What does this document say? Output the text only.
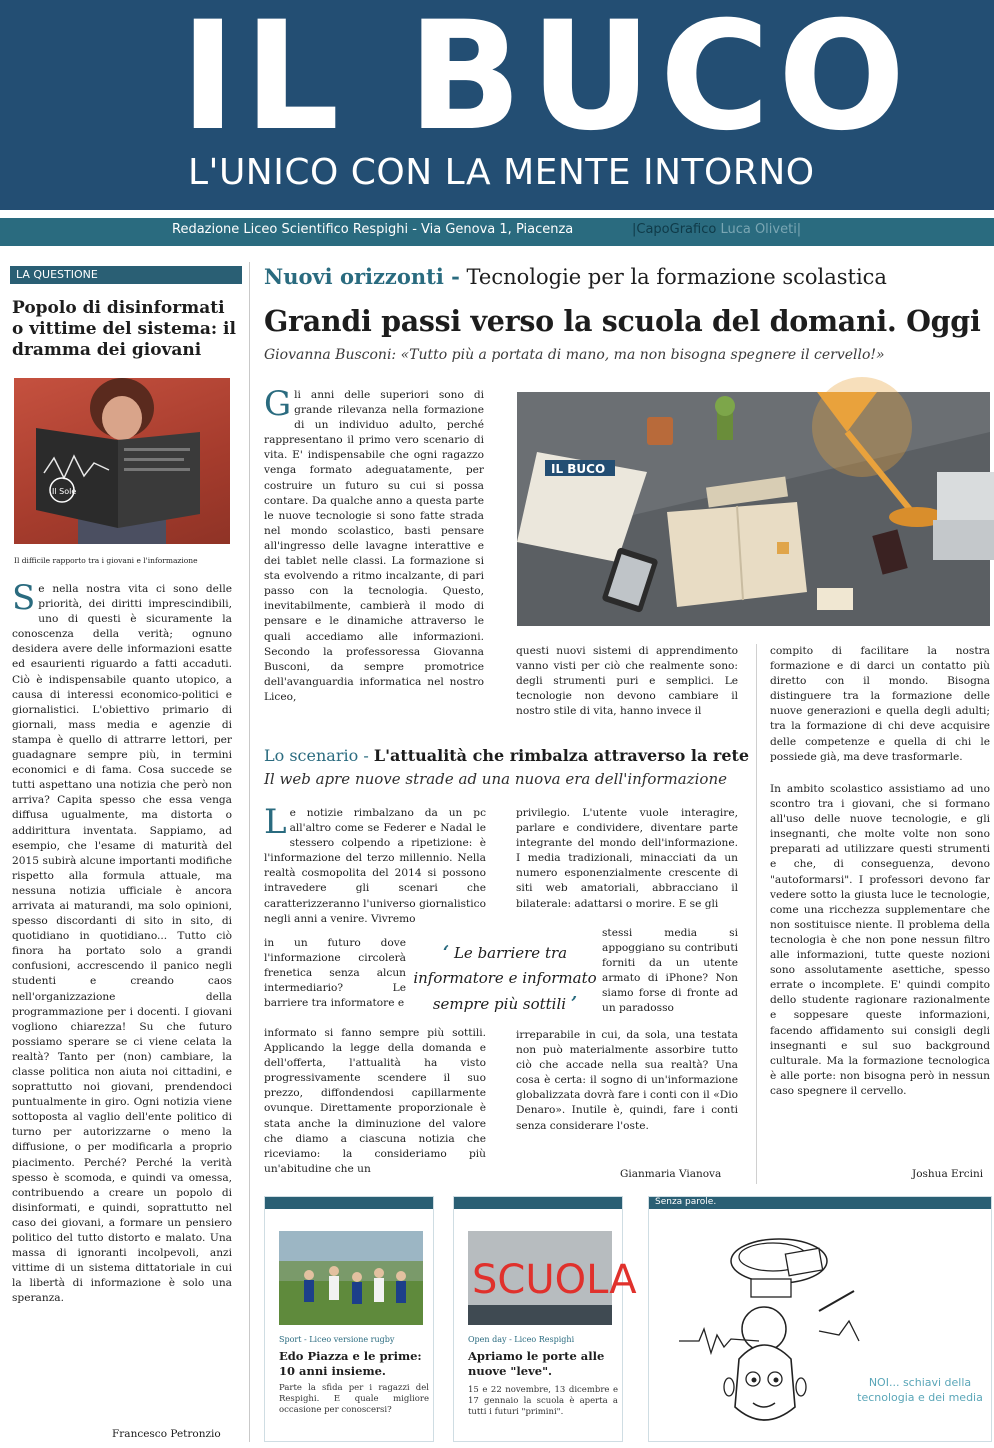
IL BUCO
L'UNICO CON LA MENTE INTORNO
Redazione Liceo Scientifico Respighi - Via Genova 1, Piacenza	|CapoGrafico Luca Oliveti|
LA QUESTIONE
Popolo di disinformati o vittime del sistema: il dramma dei giovani
Il Sole
Il difficile rapporto tra i giovani e l'informazione
Se nella nostra vita ci sono delle priorità, dei diritti imprescindibili, uno di questi è sicuramente la conoscenza della verità; ognuno desidera avere delle informazioni esatte ed esaurienti riguardo a fatti accaduti. Ciò è indispensabile quanto utopico, a causa di interessi economico-politici e giornalistici. L'obiettivo primario di giornali, mass media e agenzie di stampa è quello di attrarre lettori, per guadagnare sempre più, in termini economici e di fama. Cosa succede se tutti aspettano una notizia che però non arriva? Capita spesso che essa venga diffusa ugualmente, ma distorta o addirittura inventata. Sappiamo, ad esempio, che l'esame di maturità del 2015 subirà alcune importanti modifiche rispetto alla formula attuale, ma nessuna notizia ufficiale è ancora arrivata ai maturandi, ma solo opinioni, spesso discordanti di sito in sito, di quotidiano in quotidiano... Tutto ciò finora ha portato solo a grandi confusioni, accrescendo il panico negli studenti e creando caos nell'organizzazione della programmazione per i docenti. I giovani vogliono chiarezza! Su che futuro possiamo sperare se ci viene celata la realtà? Tanto per (non) cambiare, la classe politica non aiuta noi cittadini, e soprattutto noi giovani, prendendoci puntualmente in giro. Ogni notizia viene sottoposta al vaglio dell'ente politico di turno per autorizzarne o meno la diffusione, o per modificarla a proprio piacimento. Perché? Perché la verità spesso è scomoda, e quindi va omessa, contribuendo a creare un popolo di disinformati, e quindi, soprattutto nel caso dei giovani, a formare un pensiero politico del tutto distorto e malato. Una massa di ignoranti incolpevoli, anzi vittime di un sistema dittatoriale in cui la libertà di informazione è solo una speranza.
Francesco Petronzio
Nuovi orizzonti - Tecnologie per la formazione scolastica
Grandi passi verso la scuola del domani. Oggi
Giovanna Busconi: «Tutto più a portata di mano, ma non bisogna spegnere il cervello!»
Gli anni delle superiori sono di grande rilevanza nella formazione di un individuo adulto, perché rappresentano il primo vero scenario di vita. E' indispensabile che ogni ragazzo venga formato adeguatamente, per costruire un futuro su cui si possa contare. Da qualche anno a questa parte le nuove tecnologie si sono fatte strada nel mondo scolastico, basti pensare all'ingresso delle lavagne interattive e dei tablet nelle classi. La formazione si sta evolvendo a ritmo incalzante, di pari passo con la tecnologia. Questo, inevitabilmente, cambierà il modo di pensare e le dinamiche attraverso le quali accediamo alle informazioni. Secondo la professoressa Giovanna Busconi, da sempre promotrice dell'avanguardia informatica nel nostro Liceo,
IL BUCO
questi nuovi sistemi di apprendimento vanno visti per ciò che realmente sono: degli strumenti puri e semplici. Le tecnologie non devono cambiare il nostro stile di vita, hanno invece il
compito di facilitare la nostra formazione e di darci un contatto più diretto con il mondo. Bisogna distinguere tra la formazione delle nuove generazioni e quella degli adulti; tra la formazione di chi deve acquisire delle competenze e quella di chi le possiede già, ma deve trasformarle.
Lo scenario - L'attualità che rimbalza attraverso la rete
Il web apre nuove strade ad una nuova era dell'informazione
Le notizie rimbalzano da un pc all'altro come se Federer e Nadal le stessero colpendo a ripetizione: è l'informazione del terzo millennio. Nella realtà cosmopolita del 2014 si possono intravedere gli scenari che caratterizzeranno l'universo giornalistico negli anni a venire. Vivremo
in un futuro dove l'informazione circolerà frenetica senza alcun intermediario? Le barriere tra informatore e
informato si fanno sempre più sottili. Applicando la legge della domanda e dell'offerta, l'attualità ha visto progressivamente scendere il suo prezzo, diffondendosi capillarmente ovunque. Direttamente proporzionale è stata anche la diminuzione del valore che diamo a ciascuna notizia che riceviamo: la consideriamo più un'abitudine che un
‘ Le barriere tra informatore e informato sempre più sottili ’
privilegio. L'utente vuole interagire, parlare e condividere, diventare parte integrante del mondo dell'informazione. I media tradizionali, minacciati da un numero esponenzialmente crescente di siti web amatoriali, abbracciano il bilaterale: adattarsi o morire. E se gli
stessi media si appoggiano su contributi forniti da un utente armato di iPhone? Non siamo forse di fronte ad un paradosso
irreparabile in cui, da sola, una testata non può materialmente assorbire tutto ciò che accade nella sua realtà? Una cosa è certa: il sogno di un'informazione globalizzata dovrà fare i conti con il «Dio Denaro». Inutile è, quindi, fare i conti senza considerare l'oste.
Gianmaria Vianova
In ambito scolastico assistiamo ad uno scontro tra i giovani, che si formano all'uso delle nuove tecnologie, e gli insegnanti, che molte volte non sono preparati ad utilizzare questi strumenti e che, di conseguenza, devono "autoformarsi". I professori devono far vedere sotto la giusta luce le tecnologie, come una ricchezza supplementare che non sostituisce niente. Il problema della tecnologia è che non pone nessun filtro alle informazioni, tutte queste nozioni sono assolutamente asettiche, spesso errate o incomplete. E' quindi compito dello studente ragionare razionalmente e soppesare queste informazioni, facendo affidamento sui consigli degli insegnanti e sul suo background culturale. Ma la formazione tecnologica è alle porte: non bisogna però in nessun caso spegnere il cervello.
Joshua Ercini
Sport - Liceo versione rugby
Edo Piazza e le prime: 10 anni insieme.
Parte la sfida per i ragazzi del Respighi. E quale migliore occasione per conoscersi?
SCUOLA
Open day - Liceo Respighi
Apriamo le porte alle nuove "leve".
15 e 22 novembre, 13 dicembre e 17 gennaio la scuola è aperta a tutti i futuri "primini".
Senza parole.
NOI... schiavi della tecnologia e dei media
